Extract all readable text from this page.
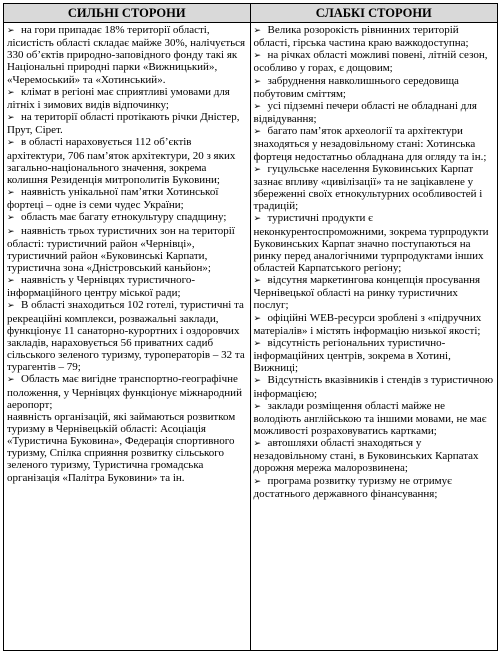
СИЛЬНІ СТОРОНИ	СЛАБКІ СТОРОНИ

➢ на гори припадає 18% території області, лісистість області складає майже 30%, налічується 330 об’єктів природно-заповідного фонду такі як Національні природні парки «Вижницький», «Черемоський» та «Хотинський».

➢ клімат в регіоні має сприятливі умовами для літніх і зимових видів відпочинку;

➢ на території області протікають річки Дністер, Прут, Сірет.

➢ в області нараховується 112 об’єктів архітектури, 706 пам’яток архітектури, 20 з яких загально-національного значення, зокрема колишня Резиденція митрополитів Буковини;

➢ наявність унікальної пам’ятки Хотинської фортеці – одне із семи чудес України;

➢ область має багату етнокультуру спадщину;

➢ наявність трьох туристичних зон на території області: туристичний район «Чернівці», туристичний район «Буковинські Карпати, туристична зона «Дністровський каньйон»;

➢ наявність у Чернівцях туристичного-інформаційного центру міської ради;

➢ В області знаходиться 102 готелі, туристичні та рекреаційні комплекси, розважальні заклади, функціонує 11 санаторно-курортних і оздоровчих закладів, нараховується 56 приватних садиб сільського зеленого туризму, туроператорів – 32 та турагентів – 79;

➢ Область має вигідне транспортно-географічне положення, у Чернівцях функціонує міжнародний аеропорт;

наявність організацій, які займаються розвитком туризму в Чернівецькій області: Асоціація «Туристична Буковина», Федерація спортивного туризму, Спілка сприяння розвитку сільського зеленого туризму, Туристична громадська організація «Палітра Буковини» та ін.

➢ Велика розорокість рівнинних територій області, гірська частина краю важкодоступна;

➢ на річках області можливі повені, літній сезон, особливо у горах, є дощовим;

➢ забруднення навколишнього середовища побутовим сміттям;

➢ усі підземні печери області не обладнані для відвідування;

➢ багато пам’яток археології та архітектури знаходяться у незадовільному стані: Хотинська фортеця недостатньо обладнана для огляду та ін.;

➢ гуцульське населення Буковинських Карпат зазнає впливу «цивілізації» та не зацікавлене у збереженні своїх етнокультурних особливостей і традицій;

➢ туристичні продукти є неконкурентоспроможними, зокрема турпродукти Буковинських Карпат значно поступаються на ринку перед аналогічними турпродуктами інших областей Карпатського регіону;

➢ відсутня маркетингова концепція просування Чернівецької області на ринку туристичних послуг;

➢ офіційні WEB-ресурси зроблені з «підручних матеріалів» і містять інформацію низької якості;

➢ відсутність регіональних туристично-інформаційних центрів, зокрема в Хотині, Вижниці;

➢ Відсутність вказівників і стендів з туристичною інформацією;

➢ заклади розміщення області майже не володіють англійською та іншими мовами, не має можливості розраховуватись картками;

➢ автошляхи області знаходяться у незадовільному стані, в Буковинських Карпатах дорожня мережа малорозвинена;

➢ програма розвитку туризму не отримує достатнього державного фінансування;
